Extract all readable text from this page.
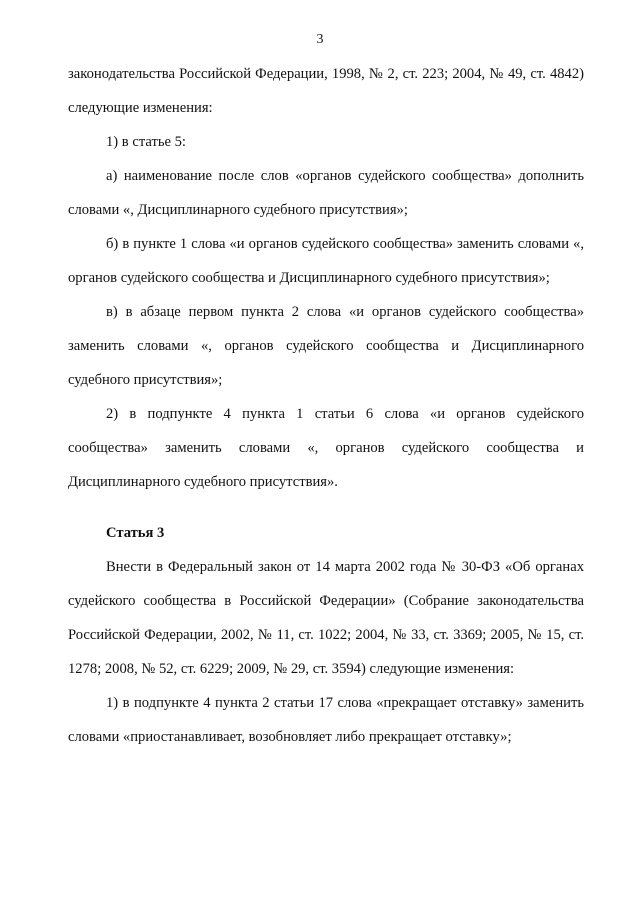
3

законодательства Российской Федерации, 1998, № 2, ст. 223; 2004, № 49, ст. 4842) следующие изменения:

1) в статье 5:

а) наименование после слов «органов судейского сообщества» дополнить словами «, Дисциплинарного судебного присутствия»;

б) в пункте 1 слова «и органов судейского сообщества» заменить словами «, органов судейского сообщества и Дисциплинарного судебного присутствия»;

в) в абзаце первом пункта 2 слова «и органов судейского сообщества» заменить словами «, органов судейского сообщества и Дисциплинарного судебного присутствия»;

2) в подпункте 4 пункта 1 статьи 6 слова «и органов судейского сообщества» заменить словами «, органов судейского сообщества и Дисциплинарного судебного присутствия».

Статья 3

Внести в Федеральный закон от 14 марта 2002 года № 30-ФЗ «Об органах судейского сообщества в Российской Федерации» (Собрание законодательства Российской Федерации, 2002, № 11, ст. 1022; 2004, № 33, ст. 3369; 2005, № 15, ст. 1278; 2008, № 52, ст. 6229; 2009, № 29, ст. 3594) следующие изменения:

1) в подпункте 4 пункта 2 статьи 17 слова «прекращает отставку» заменить словами «приостанавливает, возобновляет либо прекращает отставку»;
